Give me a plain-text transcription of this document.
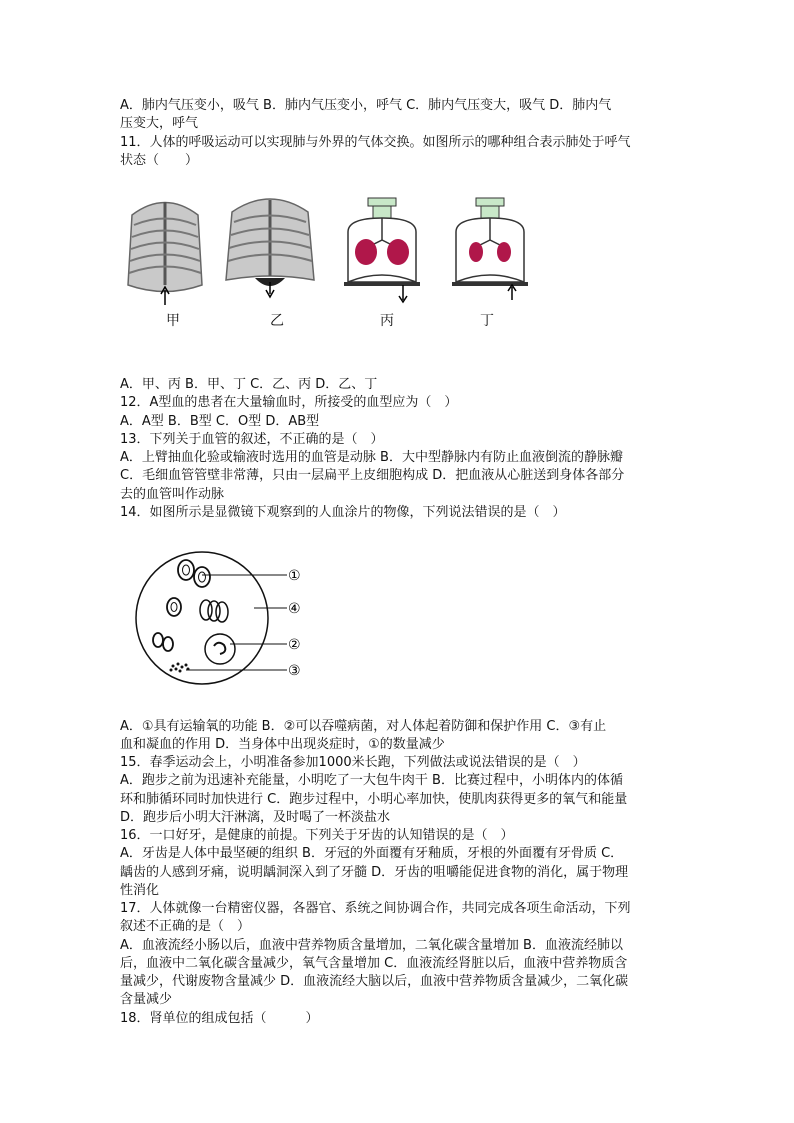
A．肺内气压变小，吸气 B．肺内气压变小，呼气 C．肺内气压变大，吸气 D．肺内气
压变大，呼气
11．人体的呼吸运动可以实现肺与外界的气体交换。如图所示的哪种组合表示肺处于呼气
状态（　　）
甲	乙	丙	丁
A．甲、丙 B．甲、丁 C．乙、丙 D．乙、丁
12．A型血的患者在大量输血时，所接受的血型应为（　）
A．A型 B．B型 C．O型 D．AB型
13．下列关于血管的叙述，不正确的是（　）
A．上臂抽血化验或输液时选用的血管是动脉 B．大中型静脉内有防止血液倒流的静脉瓣
C．毛细血管管壁非常薄，只由一层扁平上皮细胞构成 D．把血液从心脏送到身体各部分
去的血管叫作动脉
14．如图所示是显微镜下观察到的人血涂片的物像，下列说法错误的是（　）
①
④
②
③
A．①具有运输氧的功能 B．②可以吞噬病菌，对人体起着防御和保护作用 C．③有止
血和凝血的作用 D．当身体中出现炎症时，①的数量减少
15．春季运动会上，小明准备参加1000米长跑，下列做法或说法错误的是（　）
A．跑步之前为迅速补充能量，小明吃了一大包牛肉干 B．比赛过程中，小明体内的体循
环和肺循环同时加快进行 C．跑步过程中，小明心率加快，使肌肉获得更多的氧气和能量
D．跑步后小明大汗淋漓，及时喝了一杯淡盐水
16．一口好牙，是健康的前提。下列关于牙齿的认知错误的是（　）
A．牙齿是人体中最坚硬的组织 B．牙冠的外面覆有牙釉质，牙根的外面覆有牙骨质 C．
龋齿的人感到牙痛，说明龋洞深入到了牙髓 D．牙齿的咀嚼能促进食物的消化，属于物理
性消化
17．人体就像一台精密仪器，各器官、系统之间协调合作，共同完成各项生命活动，下列
叙述不正确的是（　）
A．血液流经小肠以后，血液中营养物质含量增加，二氧化碳含量增加 B．血液流经肺以
后，血液中二氧化碳含量减少，氧气含量增加 C．血液流经肾脏以后，血液中营养物质含
量减少，代谢废物含量减少 D．血液流经大脑以后，血液中营养物质含量减少，二氧化碳
含量减少
18．肾单位的组成包括（　　　）
